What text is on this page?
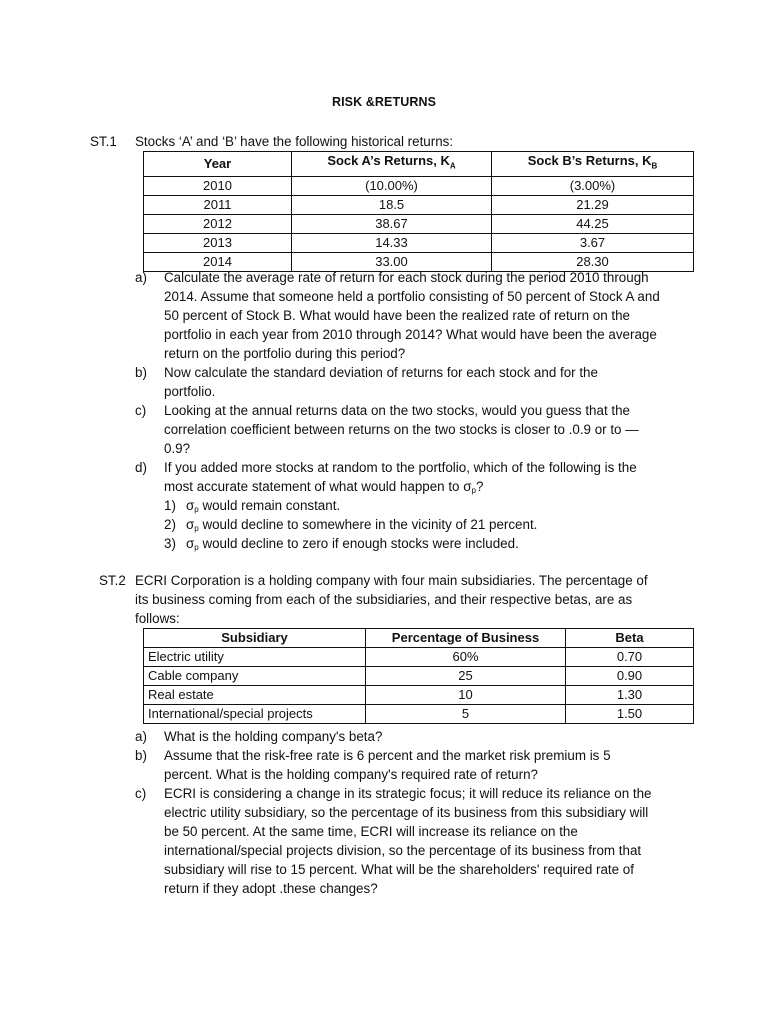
RISK &RETURNS
ST.1 Stocks ‘A’ and ‘B’ have the following historical returns:
Year	Sock A’s Returns, $K_A$	Sock B’s Returns, $K_B$
2010	(10.00%)	(3.00%)
2011	18.5	21.29
2012	38.67	44.25
2013	14.33	3.67
2014	33.00	28.30
a) Calculate the average rate of return for each stock during the period 2010 through
2014. Assume that someone held a portfolio consisting of 50 percent of Stock A and
50 percent of Stock B. What would have been the realized rate of return on the
portfolio in each year from 2010 through 2014? What would have been the average
return on the portfolio during this period?
b) Now calculate the standard deviation of returns for each stock and for the
portfolio.
c) Looking at the annual returns data on the two stocks, would you guess that the
correlation coefficient between returns on the two stocks is closer to .0.9 or to —
0.9?
d) If you added more stocks at random to the portfolio, which of the following is the
most accurate statement of what would happen to $\sigma_p$?
1) $\sigma_p$ would remain constant.
2) $\sigma_p$ would decline to somewhere in the vicinity of 21 percent.
3) $\sigma_p$ would decline to zero if enough stocks were included.
ST.2 ECRI Corporation is a holding company with four main subsidiaries. The percentage of
its business coming from each of the subsidiaries, and their respective betas, are as
follows:
Subsidiary	Percentage of Business	Beta
Electric utility	60%	0.70
Cable company	25	0.90
Real estate	10	1.30
International/special projects	5	1.50
a) What is the holding company's beta?
b) Assume that the risk-free rate is 6 percent and the market risk premium is 5
percent. What is the holding company's required rate of return?
c) ECRI is considering a change in its strategic focus; it will reduce its reliance on the
electric utility subsidiary, so the percentage of its business from this subsidiary will
be 50 percent. At the same time, ECRI will increase its reliance on the
international/special projects division, so the percentage of its business from that
subsidiary will rise to 15 percent. What will be the shareholders' required rate of
return if they adopt .these changes?
